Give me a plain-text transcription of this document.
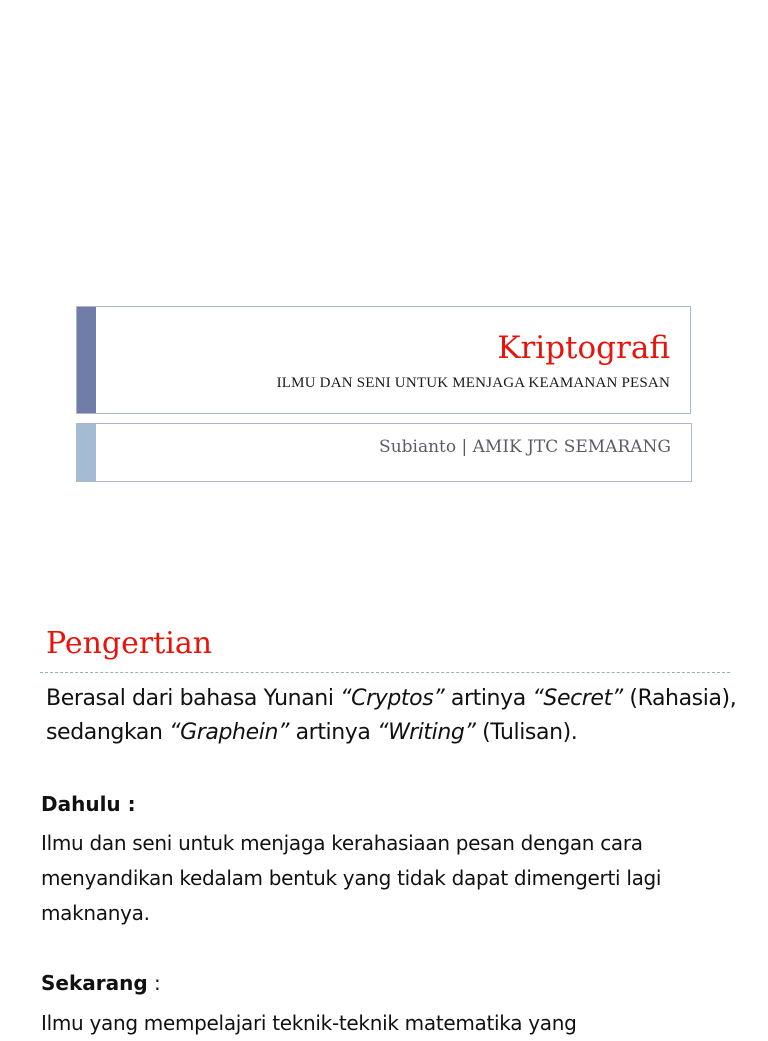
Kriptografi
ILMU DAN SENI UNTUK MENJAGA KEAMANAN PESAN
Subianto | AMIK JTC SEMARANG
Pengertian
Berasal dari bahasa Yunani “Cryptos” artinya “Secret” (Rahasia), sedangkan “Graphein” artinya “Writing” (Tulisan).
Dahulu :
Ilmu dan seni untuk menjaga kerahasiaan pesan dengan cara menyandikan kedalam bentuk yang tidak dapat dimengerti lagi maknanya.
Sekarang :
Ilmu yang mempelajari teknik-teknik matematika yang
